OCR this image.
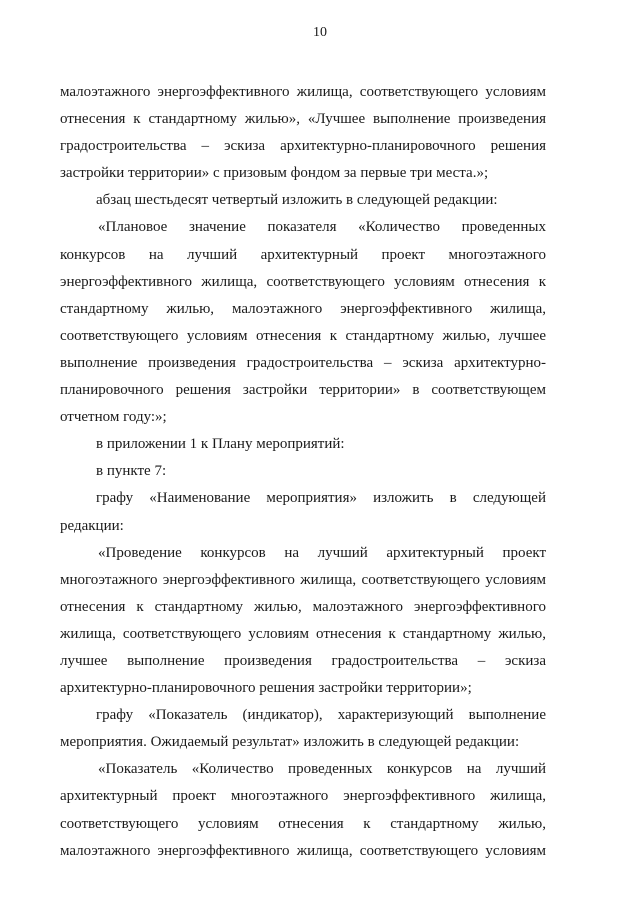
10
малоэтажного энергоэффективного жилища, соответствующего условиям
отнесения к стандартному жилью», «Лучшее выполнение произведения
градостроительства – эскиза архитектурно-планировочного решения
застройки территории» с призовым фондом за первые три места.»;
абзац шестьдесят четвертый изложить в следующей редакции:
«Плановое значение показателя «Количество проведенных
конкурсов на лучший архитектурный проект многоэтажного
энергоэффективного жилища, соответствующего условиям отнесения к
стандартному жилью, малоэтажного энергоэффективного жилища,
соответствующего условиям отнесения к стандартному жилью, лучшее
выполнение произведения градостроительства – эскиза архитектурно-
планировочного решения застройки территории» в соответствующем
отчетном году:»;
в приложении 1 к Плану мероприятий:
в пункте 7:
графу «Наименование мероприятия» изложить в следующей
редакции:
«Проведение конкурсов на лучший архитектурный проект
многоэтажного энергоэффективного жилища, соответствующего условиям
отнесения к стандартному жилью, малоэтажного энергоэффективного
жилища, соответствующего условиям отнесения к стандартному жилью,
лучшее выполнение произведения градостроительства – эскиза
архитектурно-планировочного решения застройки территории»;
графу «Показатель (индикатор), характеризующий выполнение
мероприятия. Ожидаемый результат» изложить в следующей редакции:
«Показатель «Количество проведенных конкурсов на лучший
архитектурный проект многоэтажного энергоэффективного жилища,
соответствующего условиям отнесения к стандартному жилью,
малоэтажного энергоэффективного жилища, соответствующего условиям
